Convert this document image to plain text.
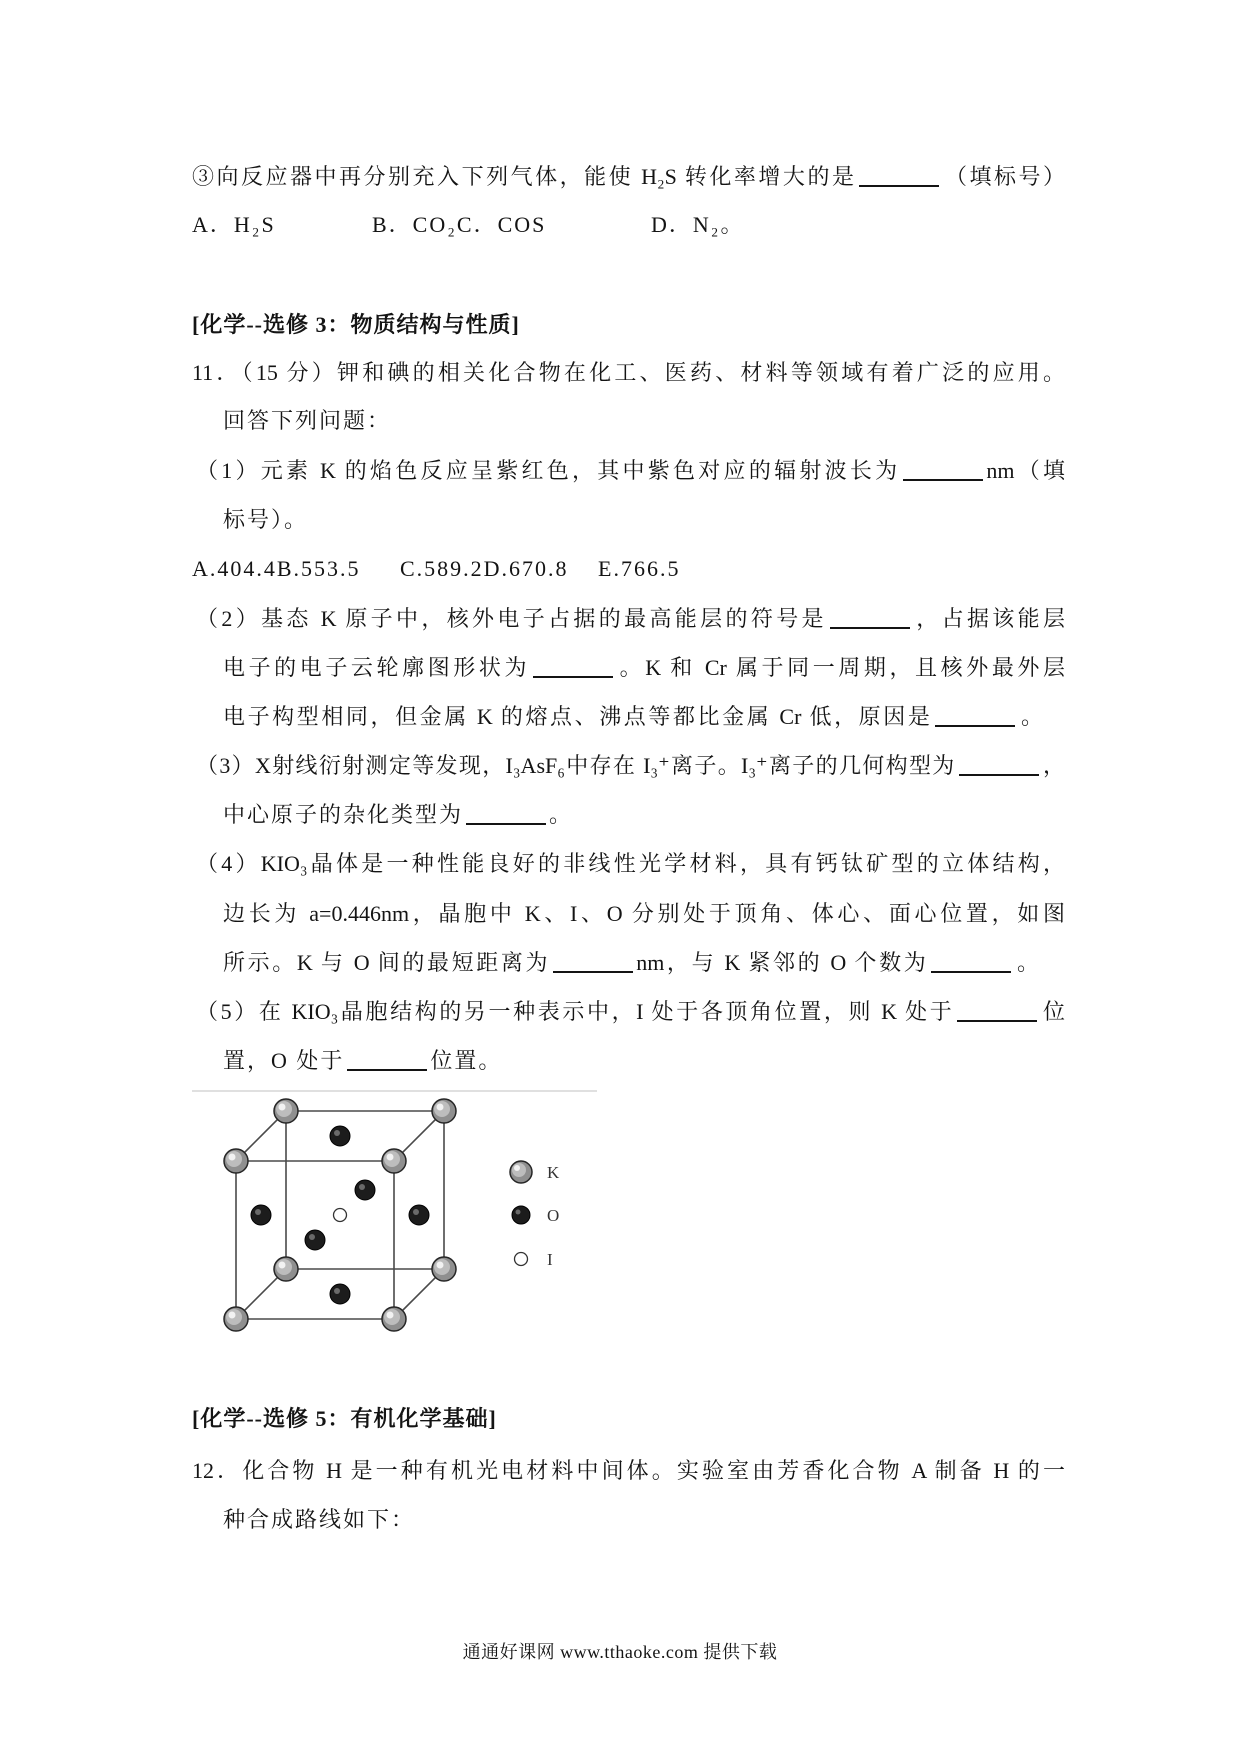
③向反应器中再分别充入下列气体，能使 H₂S 转化率增大的是	（填标号）
A．H₂S	B．CO₂C．COS	D．N₂。
[化学--选修 3：物质结构与性质]
11．（15 分）钾和碘的相关化合物在化工、医药、材料等领域有着广泛的应用。
回答下列问题：
（1）元素 K 的焰色反应呈紫红色，其中紫色对应的辐射波长为	nm（填
标号）。
A.404.4B.553.5 C.589.2D.670.8 E.766.5
（2）基态 K 原子中，核外电子占据的最高能层的符号是	，占据该能层
电子的电子云轮廓图形状为	。K 和 Cr 属于同一周期，且核外最外层
电子构型相同，但金属 K 的熔点、沸点等都比金属 Cr 低，原因是	。
（3）X射线衍射测定等发现，I₃AsF₆中存在 I₃⁺离子。I₃⁺离子的几何构型为	，
中心原子的杂化类型为	。
（4）KIO₃晶体是一种性能良好的非线性光学材料，具有钙钛矿型的立体结构，
边长为 a=0.446nm，晶胞中 K、I、O 分别处于顶角、体心、面心位置，如图
所示。K 与 O 间的最短距离为	nm，与 K 紧邻的 O 个数为	。
（5）在 KIO₃晶胞结构的另一种表示中，I 处于各顶角位置，则 K 处于	位
置，O 处于	位置。
K
O
I
[化学--选修 5：有机化学基础]
12．化合物 H 是一种有机光电材料中间体。实验室由芳香化合物 A 制备 H 的一
种合成路线如下：
通通好课网 www.tthaoke.com 提供下载
